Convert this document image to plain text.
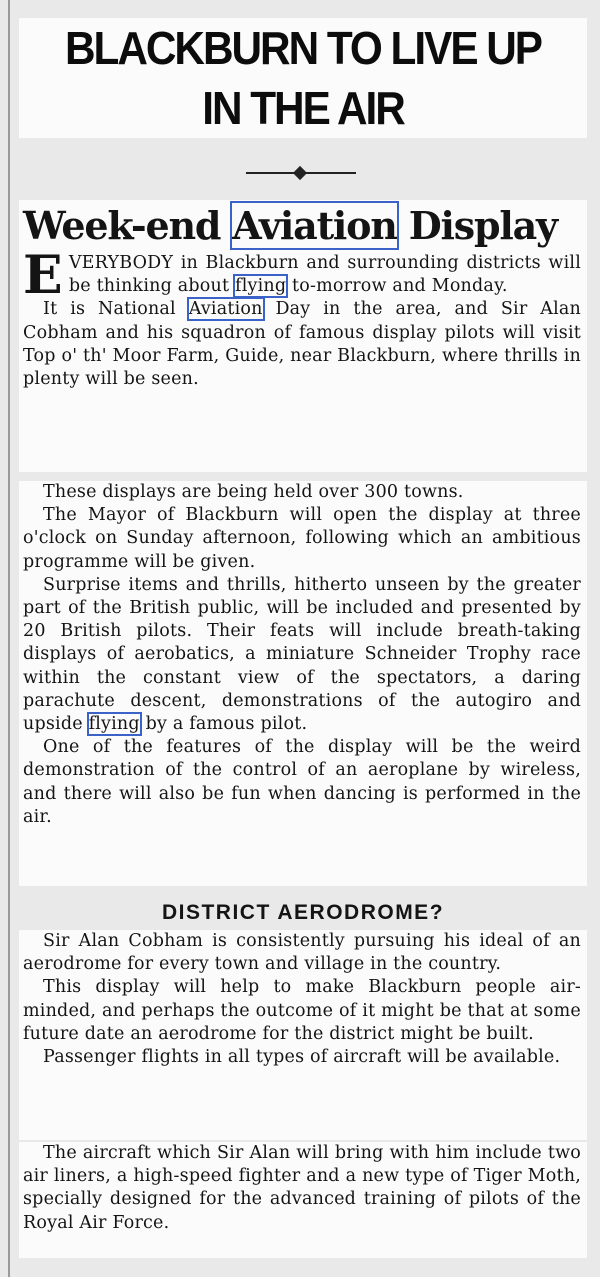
BLACKBURN TO LIVE UP
IN THE AIR
Week-end Aviation Display

EVERYBODY in Blackburn and surrounding districts will be thinking about flying to-morrow and Monday.

It is National Aviation Day in the area, and Sir Alan Cobham and his squadron of famous display pilots will visit Top o' th' Moor Farm, Guide, near Blackburn, where thrills in plenty will be seen.

These displays are being held over 300 towns.

The Mayor of Blackburn will open the display at three o'clock on Sunday afternoon, following which an ambitious programme will be given.

Surprise items and thrills, hitherto unseen by the greater part of the British public, will be included and presented by 20 British pilots. Their feats will include breath-taking displays of aerobatics, a miniature Schneider Trophy race within the constant view of the spectators, a daring parachute descent, demonstrations of the autogiro and upside flying by a famous pilot.

One of the features of the display will be the weird demonstration of the control of an aeroplane by wireless, and there will also be fun when dancing is performed in the air.

DISTRICT AERODROME?

Sir Alan Cobham is consistently pursuing his ideal of an aerodrome for every town and village in the country.

This display will help to make Blackburn people air-minded, and perhaps the outcome of it might be that at some future date an aerodrome for the district might be built.

Passenger flights in all types of aircraft will be available.

The aircraft which Sir Alan will bring with him include two air liners, a high-speed fighter and a new type of Tiger Moth, specially designed for the advanced training of pilots of the Royal Air Force.
